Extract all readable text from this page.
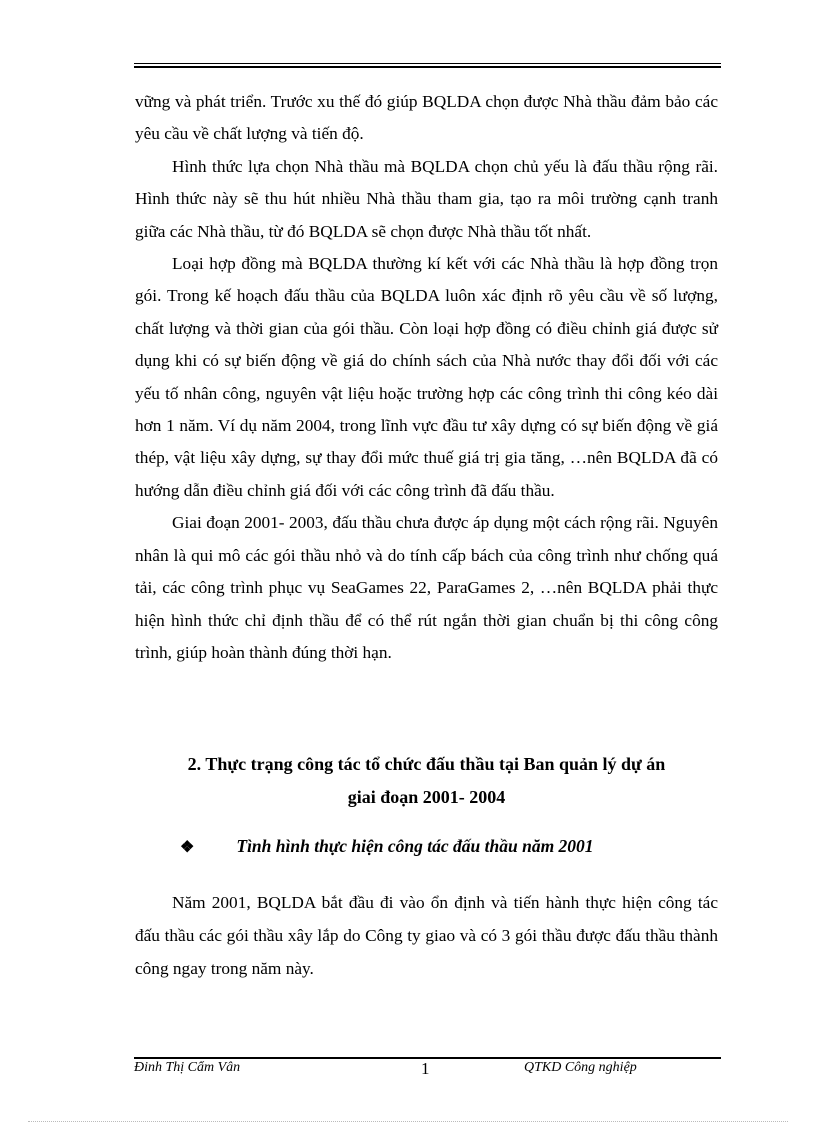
vững và phát triển. Trước xu thế đó giúp BQLDA chọn được Nhà thầu đảm bảo các yêu cầu về chất lượng và tiến độ.

Hình thức lựa chọn Nhà thầu mà BQLDA chọn chủ yếu là đấu thầu rộng rãi. Hình thức này sẽ thu hút nhiều Nhà thầu tham gia, tạo ra môi trường cạnh tranh giữa các Nhà thầu, từ đó BQLDA sẽ chọn được Nhà thầu tốt nhất.

Loại hợp đồng mà BQLDA thường kí kết với các Nhà thầu là hợp đồng trọn gói. Trong kế hoạch đấu thầu của BQLDA luôn xác định rõ yêu cầu về số lượng, chất lượng và thời gian của gói thầu. Còn loại hợp đồng có điều chỉnh giá được sử dụng khi có sự biến động về giá do chính sách của Nhà nước thay đổi đối với các yếu tố nhân công, nguyên vật liệu hoặc trường hợp các công trình thi công kéo dài hơn 1 năm. Ví dụ năm 2004, trong lĩnh vực đầu tư xây dựng có sự biến động về giá thép, vật liệu xây dựng, sự thay đổi mức thuế giá trị gia tăng, …nên BQLDA đã có hướng dẫn điều chỉnh giá đối với các công trình đã đấu thầu.

Giai đoạn 2001- 2003, đấu thầu chưa được áp dụng một cách rộng rãi. Nguyên nhân là qui mô các gói thầu nhỏ và do tính cấp bách của công trình như chống quá tải, các công trình phục vụ SeaGames 22, ParaGames 2, …nên BQLDA phải thực hiện hình thức chỉ định thầu để có thể rút ngắn thời gian chuẩn bị thi công công trình, giúp hoàn thành đúng thời hạn.

2. Thực trạng công tác tổ chức đấu thầu tại Ban quản lý dự án
giai đoạn 2001- 2004
❖ Tình hình thực hiện công tác đấu thầu năm 2001

Năm 2001, BQLDA bắt đầu đi vào ổn định và tiến hành thực hiện công tác đấu thầu các gói thầu xây lắp do Công ty giao và có 3 gói thầu được đấu thầu thành công ngay trong năm này.

Đinh Thị Cẩm Vân	1	QTKD Công nghiệp
